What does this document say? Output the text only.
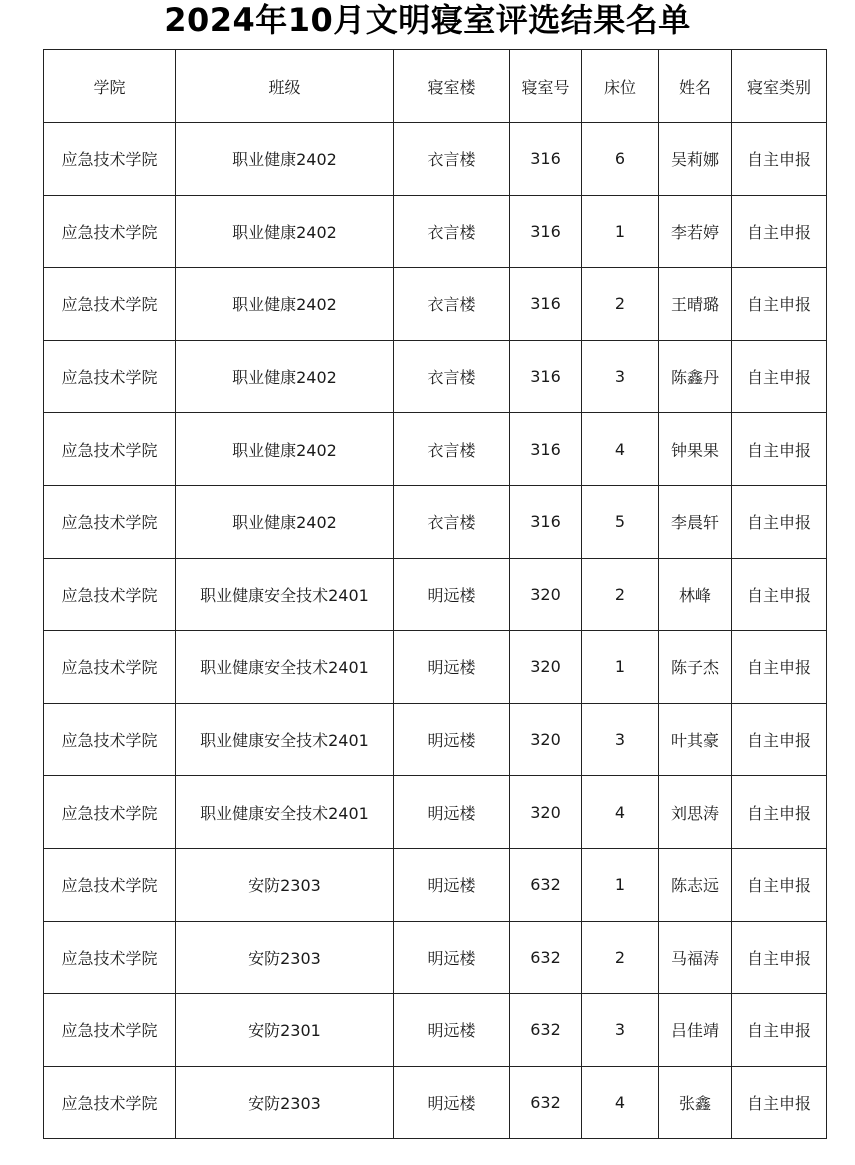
2024年10月文明寝室评选结果名单
学院	班级	寝室楼	寝室号	床位	姓名	寝室类别
应急技术学院	职业健康2402	衣言楼	316	6	吴莉娜	自主申报
应急技术学院	职业健康2402	衣言楼	316	1	李若婷	自主申报
应急技术学院	职业健康2402	衣言楼	316	2	王晴璐	自主申报
应急技术学院	职业健康2402	衣言楼	316	3	陈鑫丹	自主申报
应急技术学院	职业健康2402	衣言楼	316	4	钟果果	自主申报
应急技术学院	职业健康2402	衣言楼	316	5	李晨轩	自主申报
应急技术学院	职业健康安全技术2401	明远楼	320	2	林峰	自主申报
应急技术学院	职业健康安全技术2401	明远楼	320	1	陈子杰	自主申报
应急技术学院	职业健康安全技术2401	明远楼	320	3	叶其豪	自主申报
应急技术学院	职业健康安全技术2401	明远楼	320	4	刘思涛	自主申报
应急技术学院	安防2303	明远楼	632	1	陈志远	自主申报
应急技术学院	安防2303	明远楼	632	2	马福涛	自主申报
应急技术学院	安防2301	明远楼	632	3	吕佳靖	自主申报
应急技术学院	安防2303	明远楼	632	4	张鑫	自主申报
